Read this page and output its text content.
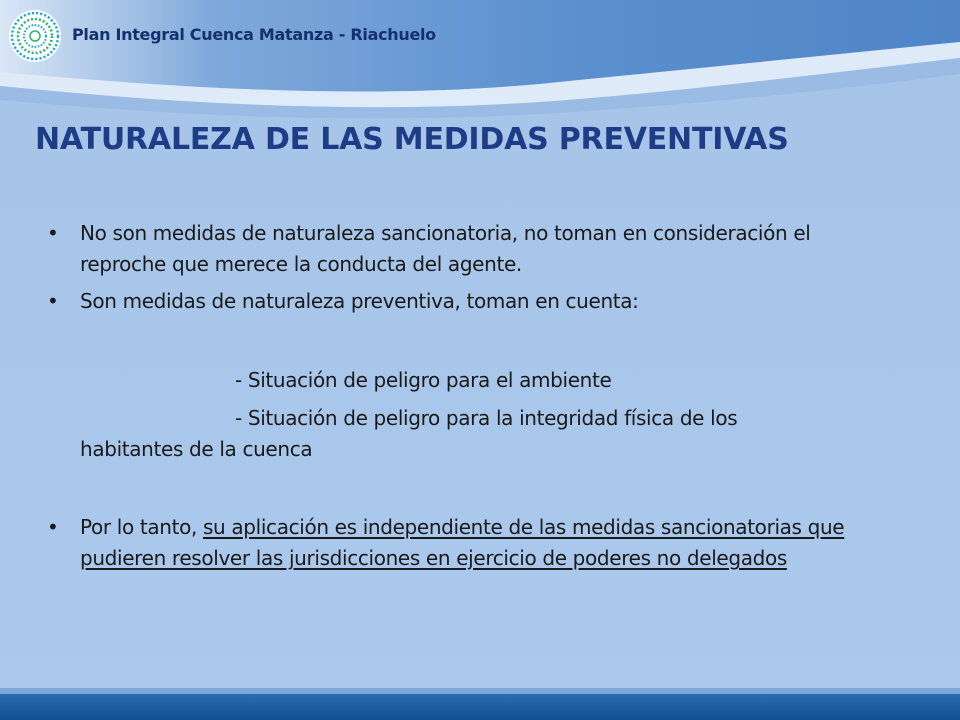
Plan Integral Cuenca Matanza - Riachuelo
NATURALEZA DE LAS MEDIDAS PREVENTIVAS
• No son medidas de naturaleza sancionatoria, no toman en consideración el reproche que merece la conducta del agente.
• Son medidas de naturaleza preventiva, toman en cuenta:
- Situación de peligro para el ambiente
- Situación de peligro para la integridad física de los
habitantes de la cuenca
• Por lo tanto, su aplicación es independiente de las medidas sancionatorias que pudieren resolver las jurisdicciones en ejercicio de poderes no delegados
